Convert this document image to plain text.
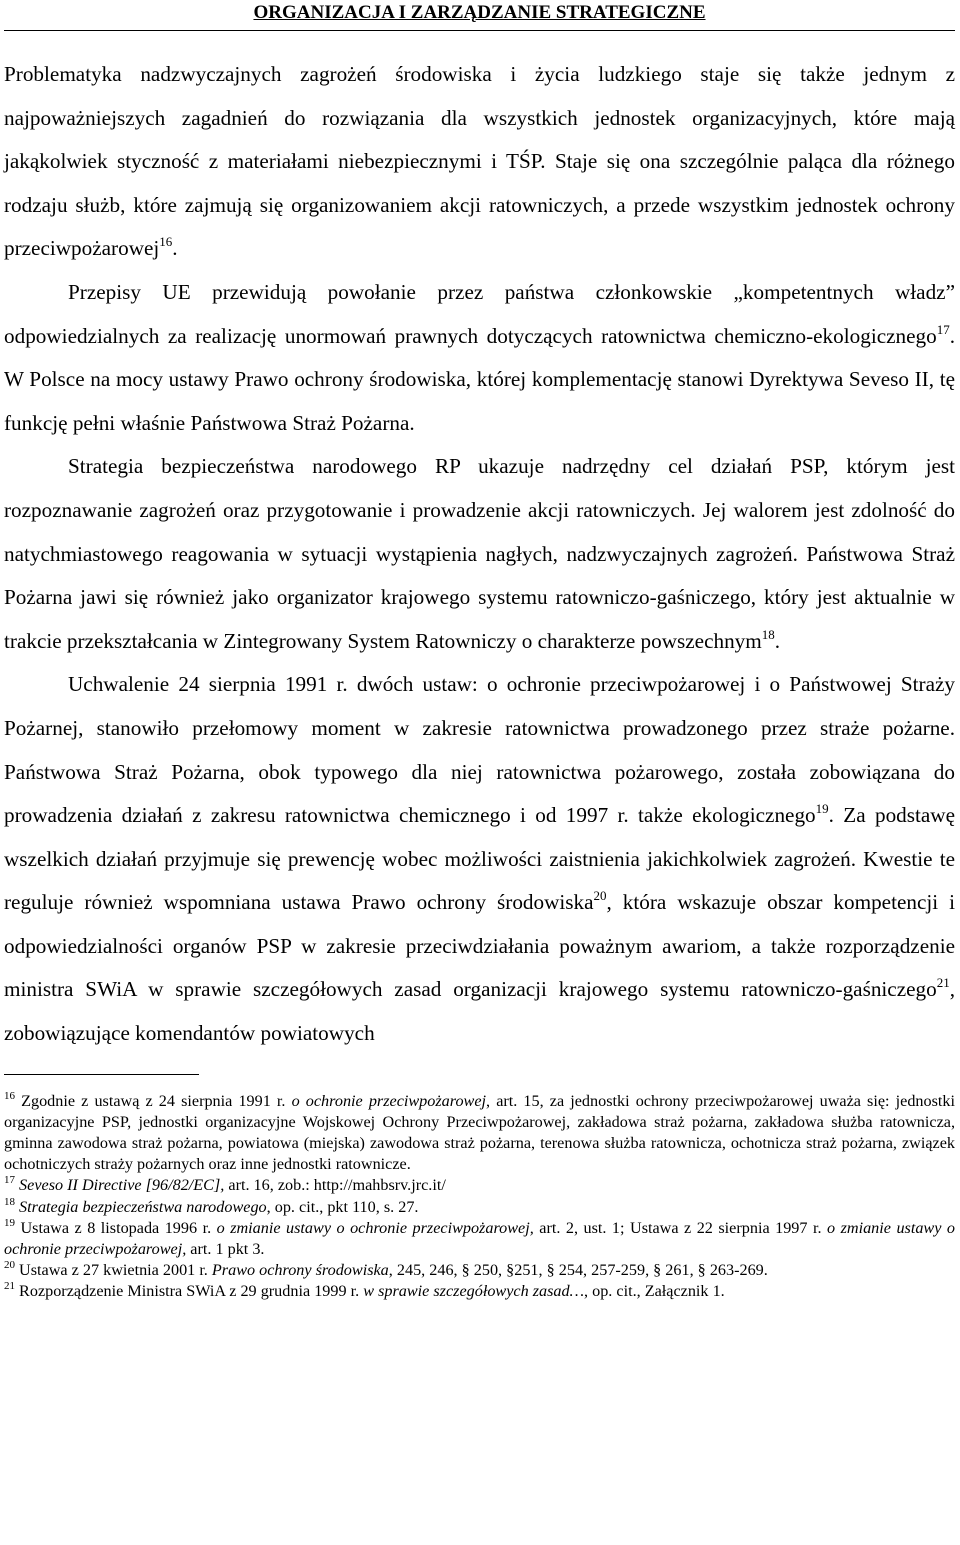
ORGANIZACJA I ZARZĄDZANIE STRATEGICZNE

Problematyka nadzwyczajnych zagrożeń środowiska i życia ludzkiego staje się także jednym z najpoważniejszych zagadnień do rozwiązania dla wszystkich jednostek organizacyjnych, które mają jakąkolwiek styczność z materiałami niebezpiecznymi i TŚP. Staje się ona szczególnie paląca dla różnego rodzaju służb, które zajmują się organizowaniem akcji ratowniczych, a przede wszystkim jednostek ochrony przeciwpożarowej$^{16}$.

Przepisy UE przewidują powołanie przez państwa członkowskie „kompetentnych władz” odpowiedzialnych za realizację unormowań prawnych dotyczących ratownictwa chemiczno-ekologicznego$^{17}$. W Polsce na mocy ustawy Prawo ochrony środowiska, której komplementację stanowi Dyrektywa Seveso II, tę funkcję pełni właśnie Państwowa Straż Pożarna.

Strategia bezpieczeństwa narodowego RP ukazuje nadrzędny cel działań PSP, którym jest rozpoznawanie zagrożeń oraz przygotowanie i prowadzenie akcji ratowniczych. Jej walorem jest zdolność do natychmiastowego reagowania w sytuacji wystąpienia nagłych, nadzwyczajnych zagrożeń. Państwowa Straż Pożarna jawi się również jako organizator krajowego systemu ratowniczo-gaśniczego, który jest aktualnie w trakcie przekształcania w Zintegrowany System Ratowniczy o charakterze powszechnym$^{18}$.

Uchwalenie 24 sierpnia 1991 r. dwóch ustaw: o ochronie przeciwpożarowej i o Państwowej Straży Pożarnej, stanowiło przełomowy moment w zakresie ratownictwa prowadzonego przez straże pożarne. Państwowa Straż Pożarna, obok typowego dla niej ratownictwa pożarowego, została zobowiązana do prowadzenia działań z zakresu ratownictwa chemicznego i od 1997 r. także ekologicznego$^{19}$. Za podstawę wszelkich działań przyjmuje się prewencję wobec możliwości zaistnienia jakichkolwiek zagrożeń. Kwestie te reguluje również wspomniana ustawa Prawo ochrony środowiska$^{20}$, która wskazuje obszar kompetencji i odpowiedzialności organów PSP w zakresie przeciwdziałania poważnym awariom, a także rozporządzenie ministra SWiA w sprawie szczegółowych zasad organizacji krajowego systemu ratowniczo-gaśniczego$^{21}$, zobowiązujące komendantów powiatowych

$^{16}$ Zgodnie z ustawą z 24 sierpnia 1991 r. o ochronie przeciwpożarowej, art. 15, za jednostki ochrony przeciwpożarowej uważa się: jednostki organizacyjne PSP, jednostki organizacyjne Wojskowej Ochrony Przeciwpożarowej, zakładowa straż pożarna, zakładowa służba ratownicza, gminna zawodowa straż pożarna, powiatowa (miejska) zawodowa straż pożarna, terenowa służba ratownicza, ochotnicza straż pożarna, związek ochotniczych straży pożarnych oraz inne jednostki ratownicze.

$^{17}$ Seveso II Directive [96/82/EC], art. 16, zob.: http://mahbsrv.jrc.it/

$^{18}$ Strategia bezpieczeństwa narodowego, op. cit., pkt 110, s. 27.

$^{19}$ Ustawa z 8 listopada 1996 r. o zmianie ustawy o ochronie przeciwpożarowej, art. 2, ust. 1; Ustawa z 22 sierpnia 1997 r. o zmianie ustawy o ochronie przeciwpożarowej, art. 1 pkt 3.

$^{20}$ Ustawa z 27 kwietnia 2001 r. Prawo ochrony środowiska, 245, 246, § 250, §251, § 254, 257-259, § 261, § 263-269.

$^{21}$ Rozporządzenie Ministra SWiA z 29 grudnia 1999 r. w sprawie szczegółowych zasad…, op. cit., Załącznik 1.
